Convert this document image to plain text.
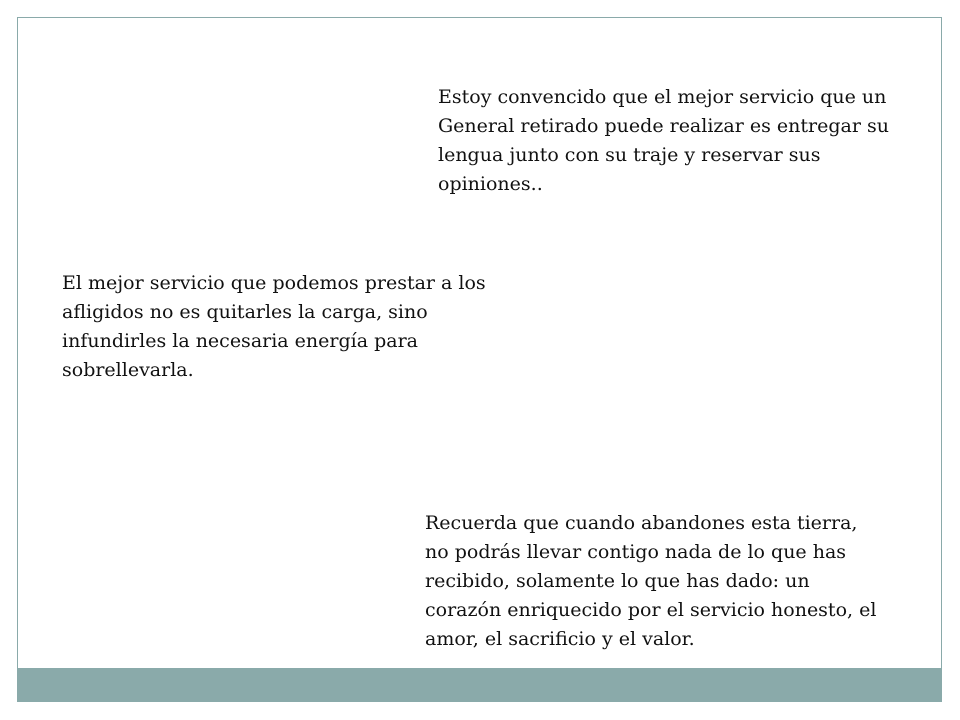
Estoy convencido que el mejor servicio que un General retirado puede realizar es entregar su lengua junto con su traje y reservar sus opiniones..

El mejor servicio que podemos prestar a los afligidos no es quitarles la carga, sino infundirles la necesaria energía para sobrellevarla.

Recuerda que cuando abandones esta tierra, no podrás llevar contigo nada de lo que has recibido, solamente lo que has dado: un corazón enriquecido por el servicio honesto, el amor, el sacrificio y el valor.
